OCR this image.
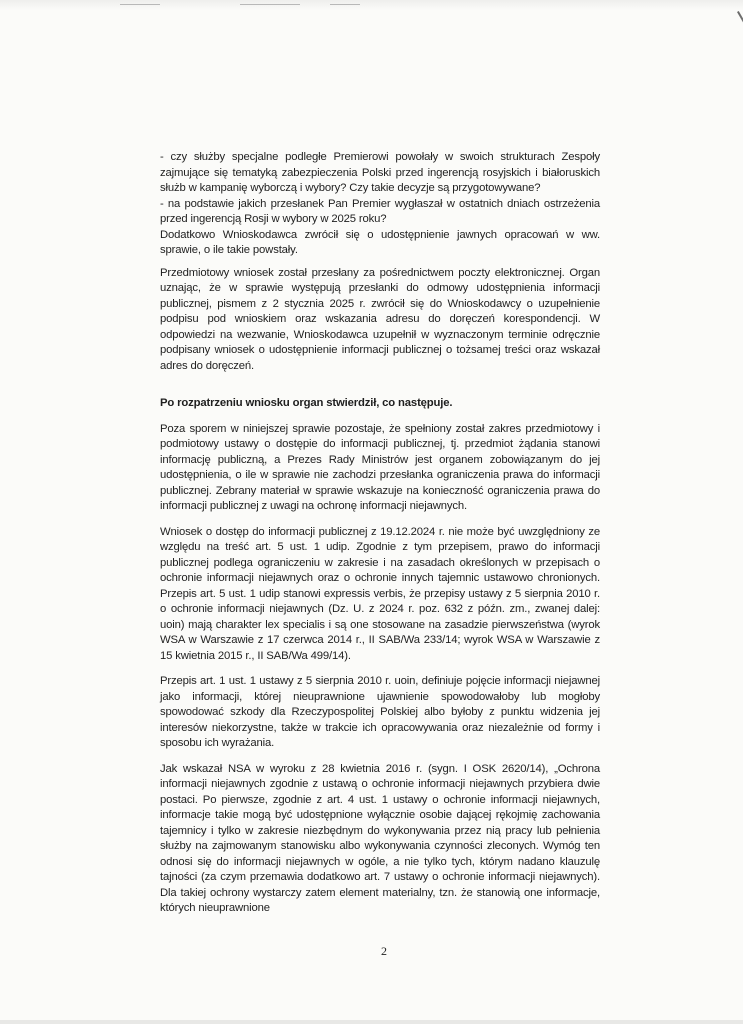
- czy służby specjalne podległe Premierowi powołały w swoich strukturach Zespoły zajmujące się tematyką zabezpieczenia Polski przed ingerencją rosyjskich i białoruskich służb w kampanię wyborczą i wybory? Czy takie decyzje są przygotowywane?

- na podstawie jakich przesłanek Pan Premier wygłaszał w ostatnich dniach ostrzeżenia przed ingerencją Rosji w wybory w 2025 roku?

Dodatkowo Wnioskodawca zwrócił się o udostępnienie jawnych opracowań w ww. sprawie, o ile takie powstały.

Przedmiotowy wniosek został przesłany za pośrednictwem poczty elektronicznej. Organ uznając, że w sprawie występują przesłanki do odmowy udostępnienia informacji publicznej, pismem z 2 stycznia 2025 r. zwrócił się do Wnioskodawcy o uzupełnienie podpisu pod wnioskiem oraz wskazania adresu do doręczeń korespondencji. W odpowiedzi na wezwanie, Wnioskodawca uzupełnił w wyznaczonym terminie odręcznie podpisany wniosek o udostępnienie informacji publicznej o tożsamej treści oraz wskazał adres do doręczeń.

Po rozpatrzeniu wniosku organ stwierdził, co następuje.

Poza sporem w niniejszej sprawie pozostaje, że spełniony został zakres przedmiotowy i podmiotowy ustawy o dostępie do informacji publicznej, tj. przedmiot żądania stanowi informację publiczną, a Prezes Rady Ministrów jest organem zobowiązanym do jej udostępnienia, o ile w sprawie nie zachodzi przesłanka ograniczenia prawa do informacji publicznej. Zebrany materiał w sprawie wskazuje na konieczność ograniczenia prawa do informacji publicznej z uwagi na ochronę informacji niejawnych.

Wniosek o dostęp do informacji publicznej z 19.12.2024 r. nie może być uwzględniony ze względu na treść art. 5 ust. 1 udip. Zgodnie z tym przepisem, prawo do informacji publicznej podlega ograniczeniu w zakresie i na zasadach określonych w przepisach o ochronie informacji niejawnych oraz o ochronie innych tajemnic ustawowo chronionych. Przepis art. 5 ust. 1 udip stanowi expressis verbis, że przepisy ustawy z 5 sierpnia 2010 r. o ochronie informacji niejawnych (Dz. U. z 2024 r. poz. 632 z późn. zm., zwanej dalej: uoin) mają charakter lex specialis i są one stosowane na zasadzie pierwszeństwa (wyrok WSA w Warszawie z 17 czerwca 2014 r., II SAB/Wa 233/14; wyrok WSA w Warszawie z 15 kwietnia 2015 r., II SAB/Wa 499/14).

Przepis art. 1 ust. 1 ustawy z 5 sierpnia 2010 r. uoin, definiuje pojęcie informacji niejawnej jako informacji, której nieuprawnione ujawnienie spowodowałoby lub mogłoby spowodować szkody dla Rzeczypospolitej Polskiej albo byłoby z punktu widzenia jej interesów niekorzystne, także w trakcie ich opracowywania oraz niezależnie od formy i sposobu ich wyrażania.

Jak wskazał NSA w wyroku z 28 kwietnia 2016 r. (sygn. I OSK 2620/14), „Ochrona informacji niejawnych zgodnie z ustawą o ochronie informacji niejawnych przybiera dwie postaci. Po pierwsze, zgodnie z art. 4 ust. 1 ustawy o ochronie informacji niejawnych, informacje takie mogą być udostępnione wyłącznie osobie dającej rękojmię zachowania tajemnicy i tylko w zakresie niezbędnym do wykonywania przez nią pracy lub pełnienia służby na zajmowanym stanowisku albo wykonywania czynności zleconych. Wymóg ten odnosi się do informacji niejawnych w ogóle, a nie tylko tych, którym nadano klauzulę tajności (za czym przemawia dodatkowo art. 7 ustawy o ochronie informacji niejawnych). Dla takiej ochrony wystarczy zatem element materialny, tzn. że stanowią one informacje, których nieuprawnione

2
